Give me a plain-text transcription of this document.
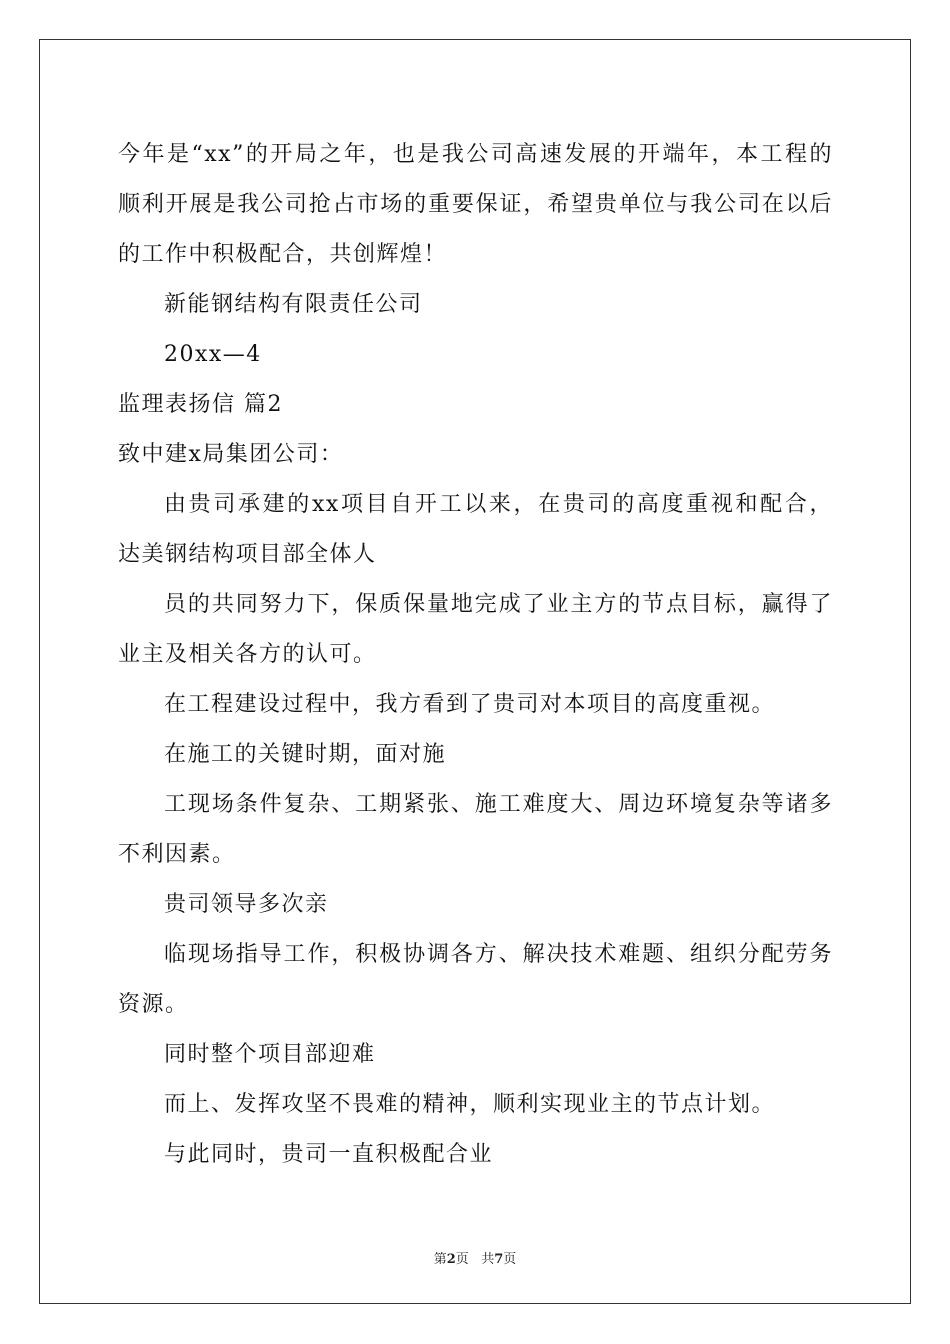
今年是“xx”的开局之年，也是我公司高速发展的开端年，本工程的
顺利开展是我公司抢占市场的重要保证，希望贵单位与我公司在以后
的工作中积极配合，共创辉煌！
新能钢结构有限责任公司
20xx—4
监理表扬信 篇2
致中建x局集团公司：
由贵司承建的xx项目自开工以来，在贵司的高度重视和配合，
达美钢结构项目部全体人
员的共同努力下，保质保量地完成了业主方的节点目标，赢得了
业主及相关各方的认可。
在工程建设过程中，我方看到了贵司对本项目的高度重视。
在施工的关键时期，面对施
工现场条件复杂、工期紧张、施工难度大、周边环境复杂等诸多
不利因素。
贵司领导多次亲
临现场指导工作，积极协调各方、解决技术难题、组织分配劳务
资源。
同时整个项目部迎难
而上、发挥攻坚不畏难的精神，顺利实现业主的节点计划。
与此同时，贵司一直积极配合业
第2页 共7页
